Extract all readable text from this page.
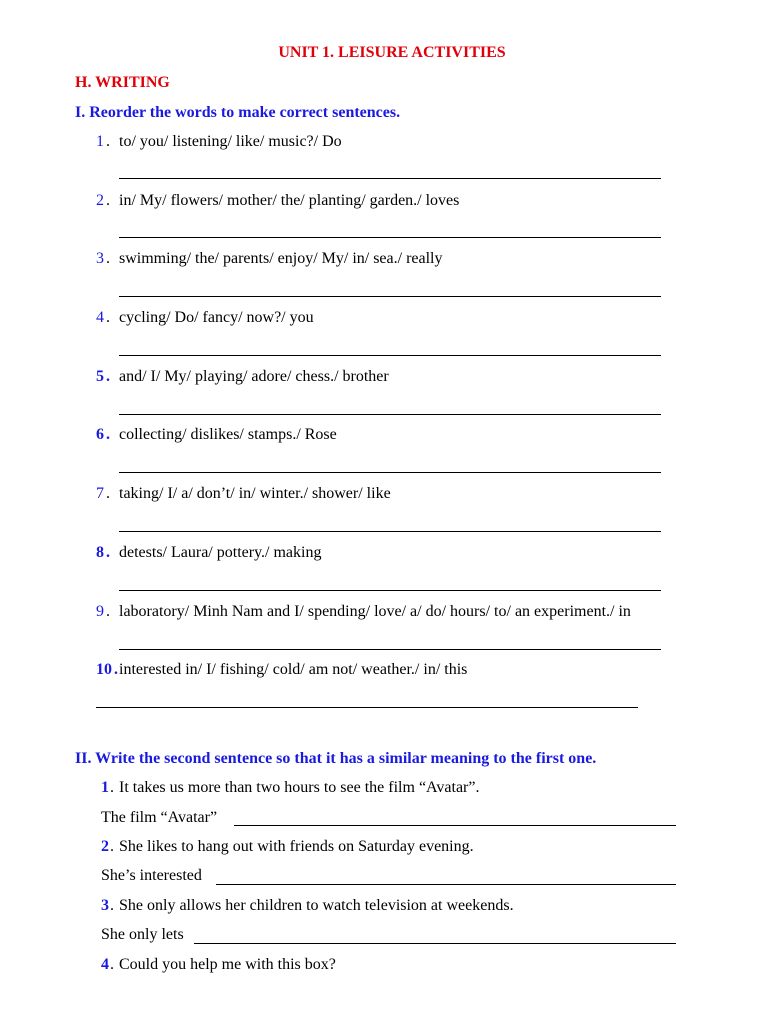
UNIT 1. LEISURE ACTIVITIES
H. WRITING
I. Reorder the words to make correct sentences.
1 . to/ you/ listening/ like/ music?/ Do
2 . in/ My/ flowers/ mother/ the/ planting/ garden./ loves
3 . swimming/ the/ parents/ enjoy/ My/ in/ sea./ really
4 . cycling/ Do/ fancy/ now?/ you
5 . and/ I/ My/ playing/ adore/ chess./ brother
6 . collecting/ dislikes/ stamps./ Rose
7 . taking/ I/ a/ don’t/ in/ winter./ shower/ like
8 . detests/ Laura/ pottery./ making
9 . laboratory/ Minh Nam and I/ spending/ love/ a/ do/ hours/ to/ an experiment./ in
10 . interested in/ I/ fishing/ cold/ am not/ weather./ in/ this
II. Write the second sentence so that it has a similar meaning to the first one.
1 . It takes us more than two hours to see the film “Avatar”.
The film “Avatar”
2 . She likes to hang out with friends on Saturday evening.
She’s interested
3 . She only allows her children to watch television at weekends.
She only lets
4 . Could you help me with this box?
